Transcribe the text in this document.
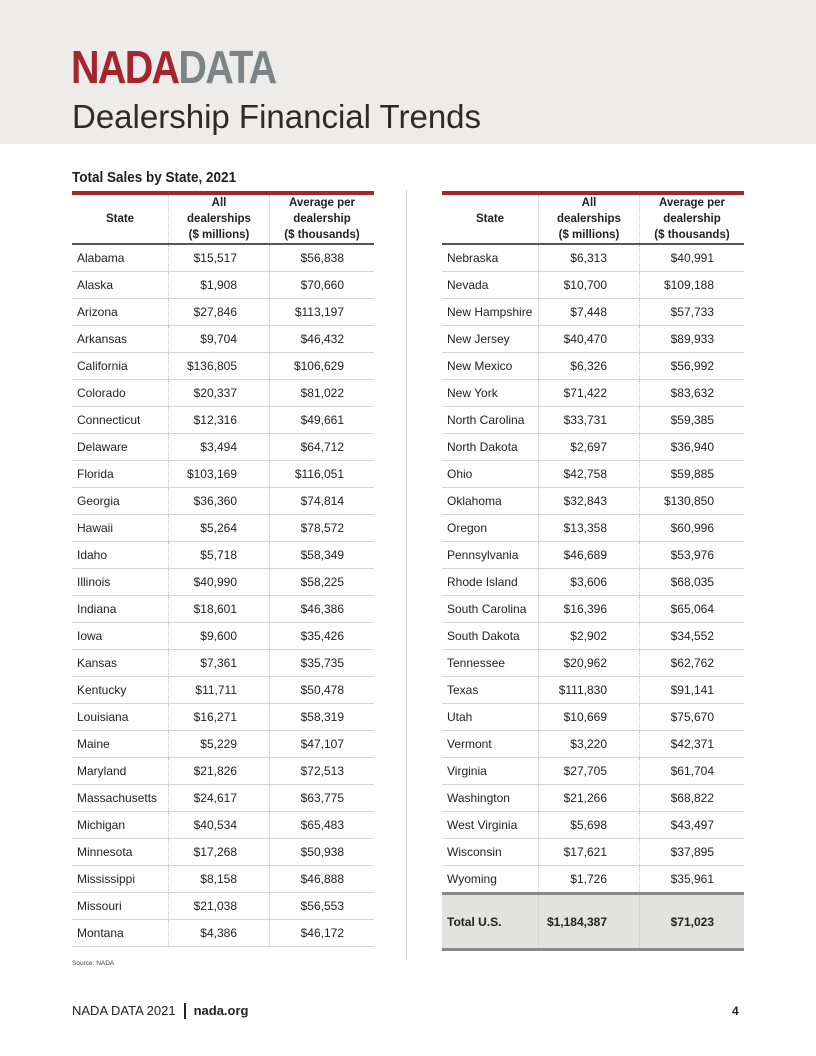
NADADATA
Dealership Financial Trends
Total Sales by State, 2021
State	All
dealerships
($ millions)	Average per
dealership
($ thousands)
Alabama	$15,517	$56,838
Alaska	$1,908	$70,660
Arizona	$27,846	$113,197
Arkansas	$9,704	$46,432
California	$136,805	$106,629
Colorado	$20,337	$81,022
Connecticut	$12,316	$49,661
Delaware	$3,494	$64,712
Florida	$103,169	$116,051
Georgia	$36,360	$74,814
Hawaii	$5,264	$78,572
Idaho	$5,718	$58,349
Illinois	$40,990	$58,225
Indiana	$18,601	$46,386
Iowa	$9,600	$35,426
Kansas	$7,361	$35,735
Kentucky	$11,711	$50,478
Louisiana	$16,271	$58,319
Maine	$5,229	$47,107
Maryland	$21,826	$72,513
Massachusetts	$24,617	$63,775
Michigan	$40,534	$65,483
Minnesota	$17,268	$50,938
Mississippi	$8,158	$46,888
Missouri	$21,038	$56,553
Montana	$4,386	$46,172
State	All
dealerships
($ millions)	Average per
dealership
($ thousands)
Nebraska	$6,313	$40,991
Nevada	$10,700	$109,188
New Hampshire	$7,448	$57,733
New Jersey	$40,470	$89,933
New Mexico	$6,326	$56,992
New York	$71,422	$83,632
North Carolina	$33,731	$59,385
North Dakota	$2,697	$36,940
Ohio	$42,758	$59,885
Oklahoma	$32,843	$130,850
Oregon	$13,358	$60,996
Pennsylvania	$46,689	$53,976
Rhode Island	$3,606	$68,035
South Carolina	$16,396	$65,064
South Dakota	$2,902	$34,552
Tennessee	$20,962	$62,762
Texas	$111,830	$91,141
Utah	$10,669	$75,670
Vermont	$3,220	$42,371
Virginia	$27,705	$61,704
Washington	$21,266	$68,822
West Virginia	$5,698	$43,497
Wisconsin	$17,621	$37,895
Wyoming	$1,726	$35,961
Total U.S.	$1,184,387	$71,023
Source: NADA
NADA DATA 2021 nada.org	4
